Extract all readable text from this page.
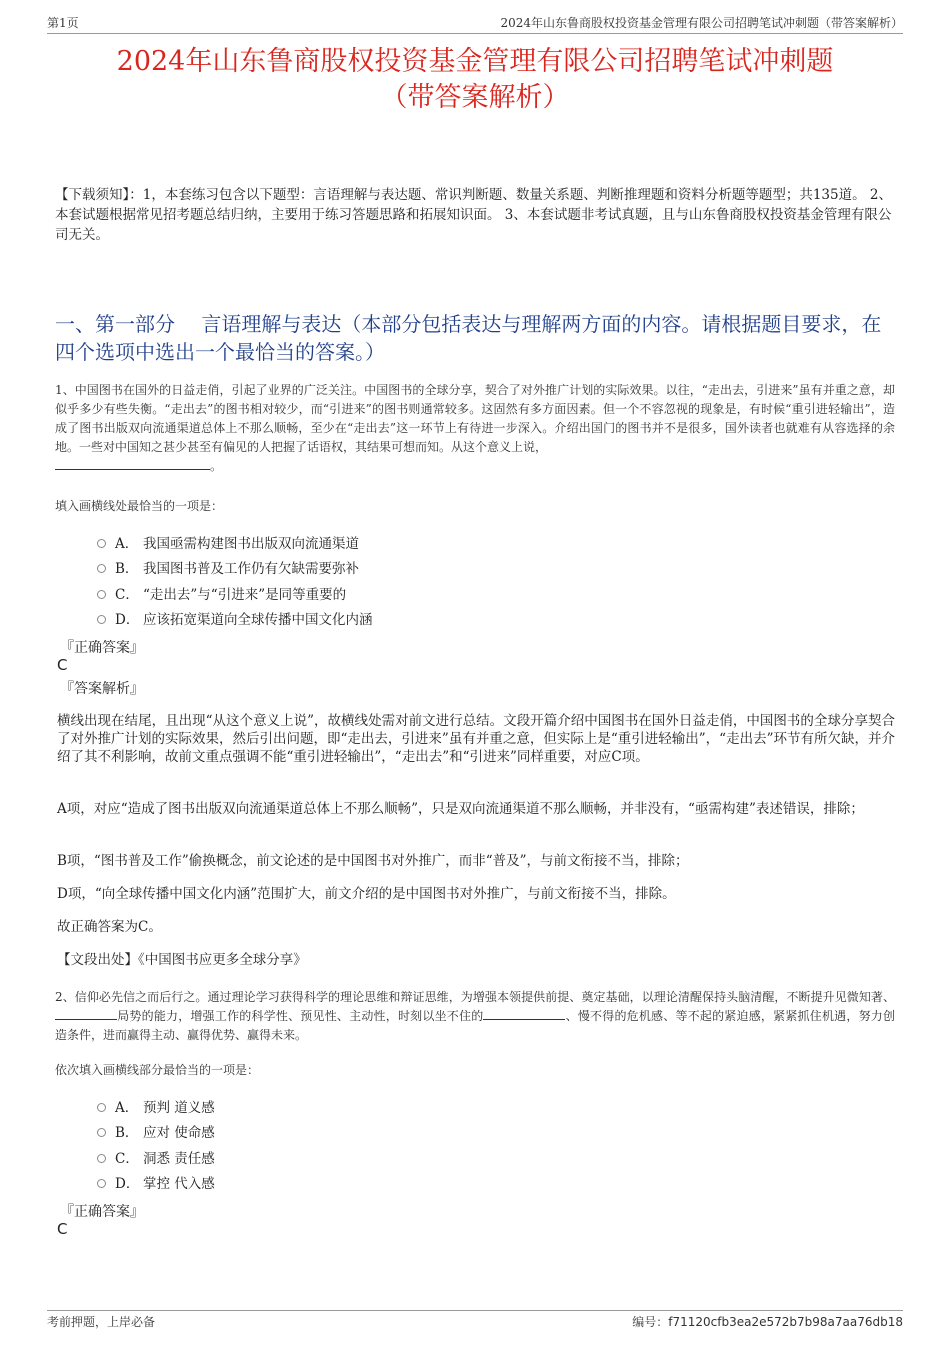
第1页	2024年山东鲁商股权投资基金管理有限公司招聘笔试冲刺题（带答案解析）
2024年山东鲁商股权投资基金管理有限公司招聘笔试冲刺题
（带答案解析）
【下载须知】：1，本套练习包含以下题型：言语理解与表达题、常识判断题、数量关系题、判断推理题和资料分析题等题型；共135道。 2、本套试题根据常见招考题总结归纳，主要用于练习答题思路和拓展知识面。 3、本套试题非考试真题，且与山东鲁商股权投资基金管理有限公司无关。
一、第一部分　 言语理解与表达（本部分包括表达与理解两方面的内容。请根据题目要求，在四个选项中选出一个最恰当的答案。）
1、中国图书在国外的日益走俏，引起了业界的广泛关注。中国图书的全球分享，契合了对外推广计划的实际效果。以往，“走出去，引进来”虽有并重之意，却似乎多少有些失衡。“走出去”的图书相对较少，而“引进来”的图书则通常较多。这固然有多方面因素。但一个不容忽视的现象是，有时候“重引进轻输出”，造成了图书出版双向流通渠道总体上不那么顺畅，至少在“走出去”这一环节上有待进一步深入。介绍出国门的图书并不是很多，国外读者也就难有从容选择的余地。一些对中国知之甚少甚至有偏见的人把握了话语权，其结果可想而知。从这个意义上说，
。
填入画横线处最恰当的一项是：
A． 我国亟需构建图书出版双向流通渠道
B． 我国图书普及工作仍有欠缺需要弥补
C． “走出去”与“引进来”是同等重要的
D． 应该拓宽渠道向全球传播中国文化内涵
『正确答案』
C
『答案解析』
横线出现在结尾，且出现“从这个意义上说”，故横线处需对前文进行总结。文段开篇介绍中国图书在国外日益走俏，中国图书的全球分享契合了对外推广计划的实际效果，然后引出问题，即“走出去，引进来”虽有并重之意，但实际上是“重引进轻输出”，“走出去”环节有所欠缺，并介绍了其不利影响，故前文重点强调不能“重引进轻输出”，“走出去”和“引进来”同样重要，对应C项。
A项，对应“造成了图书出版双向流通渠道总体上不那么顺畅”，只是双向流通渠道不那么顺畅，并非没有，“亟需构建”表述错误，排除；
B项，“图书普及工作”偷换概念，前文论述的是中国图书对外推广，而非“普及”，与前文衔接不当，排除；
D项，“向全球传播中国文化内涵”范围扩大，前文介绍的是中国图书对外推广，与前文衔接不当，排除。
故正确答案为C。
【文段出处】《中国图书应更多全球分享》
2、信仰必先信之而后行之。通过理论学习获得科学的理论思维和辩证思维，为增强本领提供前提、奠定基础，以理论清醒保持头脑清醒，不断提升见微知著、局势的能力，增强工作的科学性、预见性、主动性，时刻以坐不住的	、慢不得的危机感、等不起的紧迫感，紧紧抓住机遇，努力创造条件，进而赢得主动、赢得优势、赢得未来。
依次填入画横线部分最恰当的一项是：
A． 预判 道义感
B． 应对 使命感
C． 洞悉 责任感
D． 掌控 代入感
『正确答案』
C
考前押题，上岸必备	编号：f71120cfb3ea2e572b7b98a7aa76db18
